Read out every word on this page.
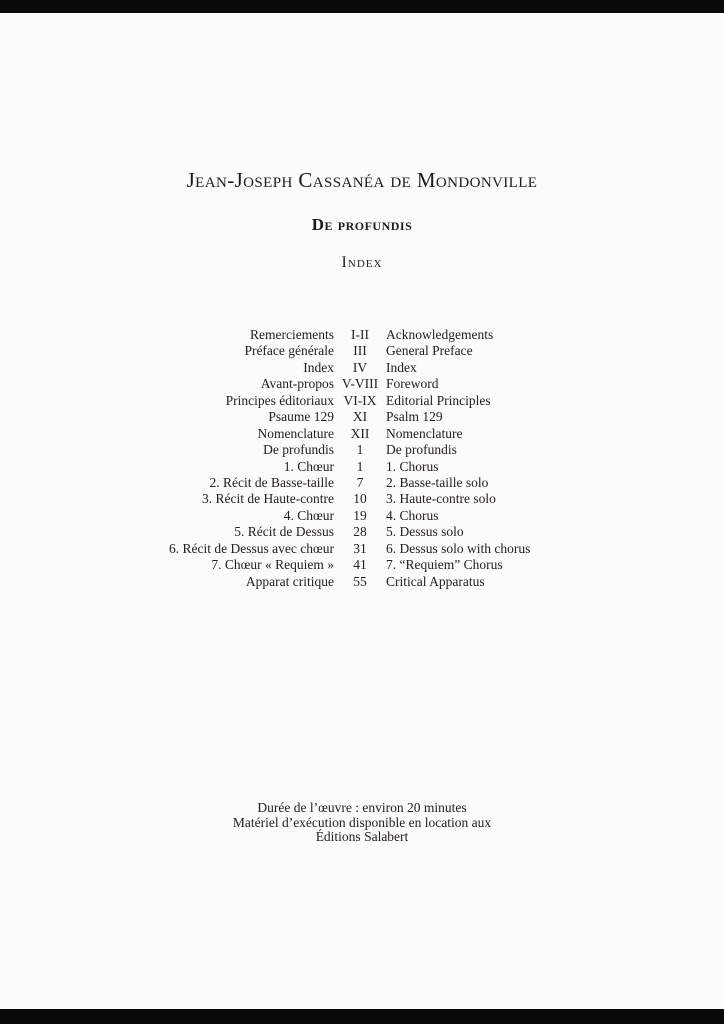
Jean-Joseph Cassanéa de Mondonville
De profundis
Index
Remerciements	I-II	Acknowledgements
Préface générale	III	General Preface
Index	IV	Index
Avant-propos V-VIII Foreword
Principes éditoriaux VI-IX Editorial Principles
Psaume 129	XI	Psalm 129
Nomenclature	XII	Nomenclature
De profundis	1	De profundis
1. Chœur	1	1. Chorus
2. Récit de Basse-taille	7	2. Basse-taille solo
3. Récit de Haute-contre	10	3. Haute-contre solo
4. Chœur	19	4. Chorus
5. Récit de Dessus	28	5. Dessus solo
6. Récit de Dessus avec chœur	31	6. Dessus solo with chorus
7. Chœur « Requiem »	41	7. “Requiem” Chorus
Apparat critique	55	Critical Apparatus
Durée de l’œuvre : environ 20 minutes
Matériel d’exécution disponible en location aux
Éditions Salabert
